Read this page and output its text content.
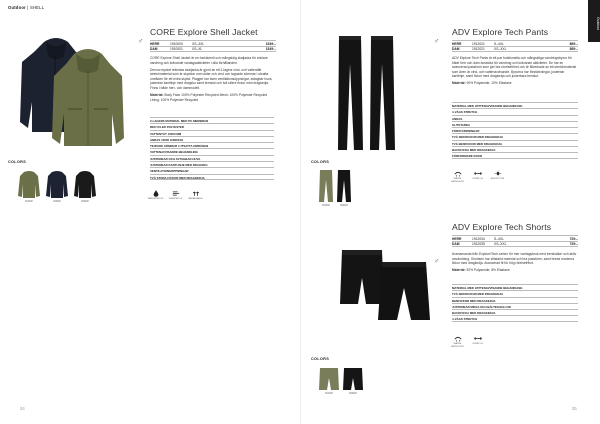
Outdoor | SHELL
Outdoor
♂
CORE Explore Shell Jacket
HERR	1910000	XS–3XL	1549:–
DAM	1910001	XS–XL	1549:–

CORE Explore Shell Jacket är en funktionell och mångsidig skaljacka för enklare vandring och krävande vardagsaktiviteter i alla förhållanden.

Denna mycket tekniska skaljacka är gjord av ett 2-lagers vind- och vattentätt stretchmaterial som är skyddar mot väder och vind och tappade sömmar i utsatta områden för ett extra skydd. Plagget har även ventilationsöppningar, avtagbar huva, justerbar kantlinje med dragsko samt ärmslut och två större fickor med dragkedja. Finns i både herr- och dammodell.

Material: Body Face 100% Polyester Recycled Mesh: 100% Polyester Recycled Lining: 100% Polyester Recycled

2-LAGERS MATERIAL MED PU-MEMBRAN
RECYCLED POLYESTER
VATTENTÄT 10000 MM
ANDAS 10000 G/M2/24H
TEJPADE SÖMMAR I UTSATTA OMRÅDEN
VATTENAVVISANDE BEHANDLING
JUSTERBAR OCH AVTAGBAR HUVA
JUSTERBAR KANTLINJE MED DRAGSKO
VENTILATIONSÖPPNINGAR
TVÅ STORA FICKOR MED DRAGKEDJA
WATERPROOF WINDPROOF	BREATHABLE
COLORS
664000	396000	999000
34
♂
ADV Explore Tech Pants
HERR	1912021	S–4XL	899:–
DAM	1912021	XS–XXL	899:–

ADV Explore Tech Pants är ett par funktionella och mångsidiga vandringsbyxor för både herr och dam avsedda för vandring och krävande aktiviteter. De har en avancerad passform som ger bra rörelsefrihet och är tillverkade av ett stretchmaterial som även är vind- och vattenavvisande. Byxorna har förstärkningar, justerbar kantlinje, samt fickor med dragkedja och justerbara benslut.

Material: 90% Polyamide, 10% Elastane

MATERIAL MED VATTENAVVISANDE BEHANDLING
4-VÄGS STRETCH
ANDAS
SLITSTARKA
FÖRSTÄRKNINGAR
TVÅ SIDOFICKOR MED DRAGKEDJA
TVÅ BENFICKOR MED DRAGKEDJA
BACKFICKA MED DRAGKEDJA
FÖRFORMADE KNÄN
WATER REPELLENT
STRETCH	REFLECTIVE
COLORS
664000	999000
♂
ADV Explore Tech Shorts
HERR	1912034	S–4XL	729:–
DAM	1912035	XS–XXL	729:–

Ävenamanda från Explore/Tech-serien för mer vardagsbruk med trendsäker och aktiv användning. Shortsen har slitstarkt material och bra passform, samt breda moderna fickor med dragkedja. Avancerad fit för hög rörelsefrihet.

Material: 92% Polyamide, 8% Elastane

MATERIAL MED VATTENAVVISANDE BEHANDLING
TVÅ SIDOFICKOR MED DRAGKEDJA
BENFICKOR MED DRAGKEDJA
JUSTERBAR MIDJA OCH BÄLTESHÄLLOR
BACKFICKA MED DRAGKEDJA
4-VÄGS STRETCH
WATER REPELLENT
STRETCH
COLORS
664000	999000
35
